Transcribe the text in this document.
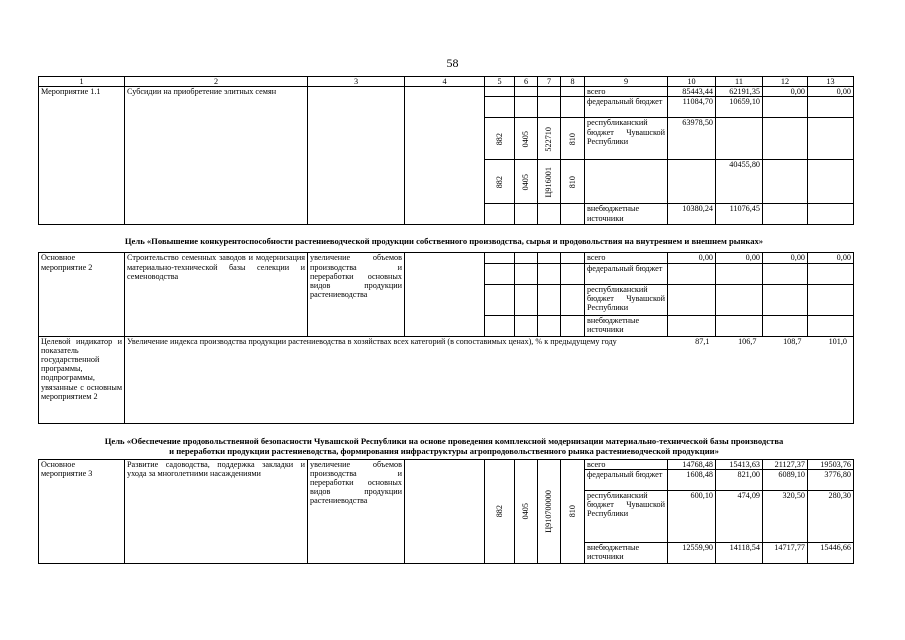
58
1	2	3	4	5	6	7	8	9	10	11	12	13
Мероприятие 1.1	Субсидии на приобретение элитных семян							всего	85443,44	62191,35	0,00	0,00
								федеральный бюджет	11084,70	10659,10		

				882	0405	522710	810	республиканский бюджет Чувашской Республики	63978,50			

				882	0405	Ц916001	810			40455,80		
								внебюджетные источники	10380,24	11076,45		

Основное мероприятие 2	Строительство семенных заводов и модернизация материально-технической базы селекции и семеноводства	увеличение объемов производства и переработки основных видов продукции растениеводства						всего	0,00	0,00	0,00	0,00
								федеральный бюджет				
								республиканский бюджет Чувашской Республики				
								внебюджетные источники				
Целевой индикатор и показатель государственной программы, подпрограммы, увязанные с основным мероприятием 2	Увеличение индекса производства продукции растениеводства в хозяйствах всех категорий (в сопоставимых ценах), % к предыдущему году								87,1	106,7	108,7	101,0

Основное мероприятие 3	Развитие садоводства, поддержка закладки и ухода за многолетними насаждениями	увеличение объемов производства и переработки основных видов продукции растениеводства		882	0405	Ц910700000	810	всего	14768,48	15413,63	21127,37	19503,76
								федеральный бюджет	1608,48	821,00	6089,10	3776,80
								республиканский бюджет Чувашской Республики	600,10	474,09	320,50	280,30
								внебюджетные источники	12559,90	14118,54	14717,77	15446,66
Цель «Повышение конкурентоспособности растениеводческой продукции собственного производства, сырья и продовольствия на внутреннем и внешнем рынках»
Цель «Обеспечение продовольственной безопасности Чувашской Республики на основе проведения комплексной модернизации материально-технической базы производства
и переработки продукции растениеводства, формирования инфраструктуры агропродовольственного рынка растениеводческой продукции»
